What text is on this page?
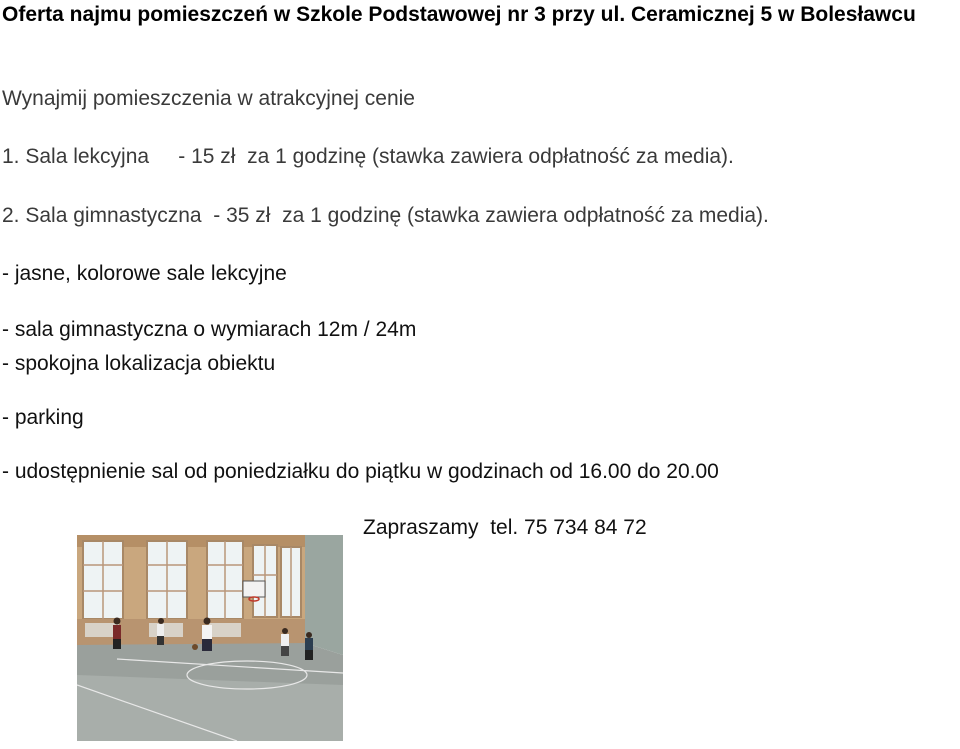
Oferta najmu pomieszczeń w Szkole Podstawowej nr 3 przy ul. Ceramicznej 5 w Bolesławcu
Wynajmij pomieszczenia w atrakcyjnej cenie
1. Sala lekcyjna     - 15 zł  za 1 godzinę (stawka zawiera odpłatność za media).
2. Sala gimnastyczna  - 35 zł  za 1 godzinę (stawka zawiera odpłatność za media).
- jasne, kolorowe sale lekcyjne
- sala gimnastyczna o wymiarach 12m / 24m
- spokojna lokalizacja obiektu
- parking
- udostępnienie sal od poniedziałku do piątku w godzinach od 16.00 do 20.00
Zapraszamy  tel. 75 734 84 72
